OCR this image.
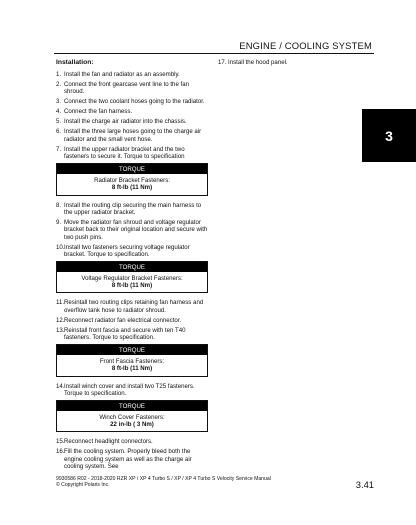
ENGINE / COOLING SYSTEM
3
Installation:
1. Install the fan and radiator as an assembly.
2. Connect the front gearcase vent line to the fan shroud.
3. Connect the two coolant hoses going to the radiator.
4. Connect the fan harness.
5. Install the charge air radiator into the chassis.
6. Install the three large hoses going to the charge air radiator and the small vent hose.
7. Install the upper radiator bracket and the two fasteners to secure it. Torque to specification
TORQUE
Radiator Bracket Fasteners:
8 ft-lb (11 Nm)
8. Install the routing clip securing the main harness to the upper radiator bracket.
9. Move the radiator fan shroud and voltage regulator bracket back to their original location and secure with two push pins.
10. Install two fasteners securing voltage regulator bracket. Torque to specification.
TORQUE
Voltage Regulator Bracket Fasteners:
8 ft-lb (11 Nm)
11. Resintall two routing clips retaining fan harness and overflow tank hose to radiator shroud.
12. Reconnect radiator fan electrical connector.
13. Reinstall front fascia and secure with ten T40 fasteners. Torque to specification.
TORQUE
Front Fascia Fasteners:
8 ft-lb (11 Nm)
14. Install winch cover and install two T25 fasteners. Torque to specification.
TORQUE
Winch Cover Fasteners:
22 in-lb ( 3 Nm)
15. Reconnect headlight connectors.
16. Fill the cooling system. Properly bleed both the engine cooling system as well as the charge air cooling system. See
17. Install the hood panel.
9930586 R02 - 2018-2020 RZR XP / XP 4 Turbo S / XP / XP 4 Turbo S Velocity Service Manual
© Copyright Polaris Inc.	3.41
